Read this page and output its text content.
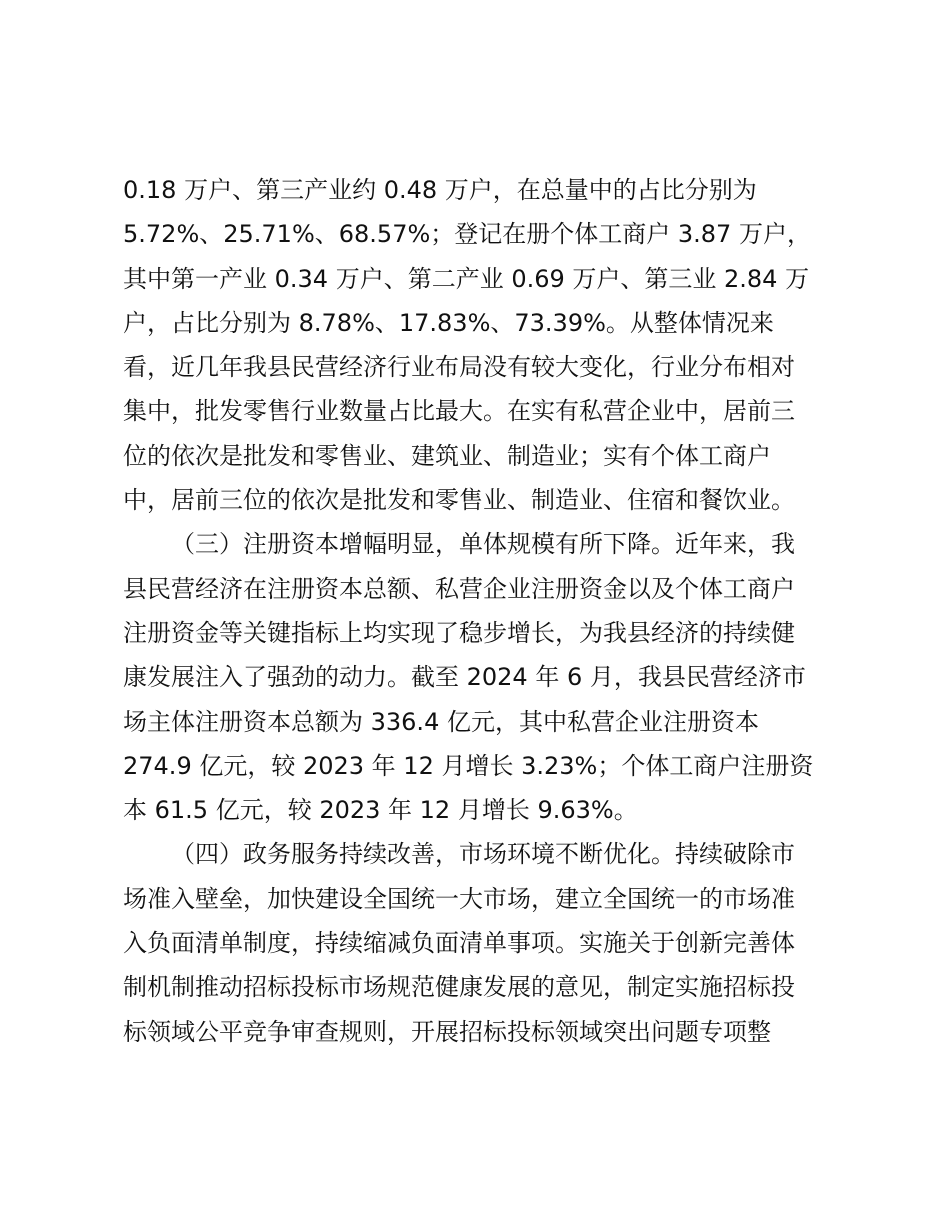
0.18 万户、第三产业约 0.48 万户，在总量中的占比分别为
5.72%、25.71%、68.57%；登记在册个体工商户 3.87 万户，
其中第一产业 0.34 万户、第二产业 0.69 万户、第三业 2.84 万
户，占比分别为 8.78%、17.83%、73.39%。从整体情况来
看，近几年我县民营经济行业布局没有较大变化，行业分布相对
集中，批发零售行业数量占比最大。在实有私营企业中，居前三
位的依次是批发和零售业、建筑业、制造业；实有个体工商户
中，居前三位的依次是批发和零售业、制造业、住宿和餐饮业。
（三）注册资本增幅明显，单体规模有所下降。近年来，我
县民营经济在注册资本总额、私营企业注册资金以及个体工商户
注册资金等关键指标上均实现了稳步增长，为我县经济的持续健
康发展注入了强劲的动力。截至 2024 年 6 月，我县民营经济市
场主体注册资本总额为 336.4 亿元，其中私营企业注册资本
274.9 亿元，较 2023 年 12 月增长 3.23%；个体工商户注册资
本 61.5 亿元，较 2023 年 12 月增长 9.63%。
（四）政务服务持续改善，市场环境不断优化。持续破除市
场准入壁垒，加快建设全国统一大市场，建立全国统一的市场准
入负面清单制度，持续缩减负面清单事项。实施关于创新完善体
制机制推动招标投标市场规范健康发展的意见，制定实施招标投
标领域公平竞争审查规则，开展招标投标领域突出问题专项整
